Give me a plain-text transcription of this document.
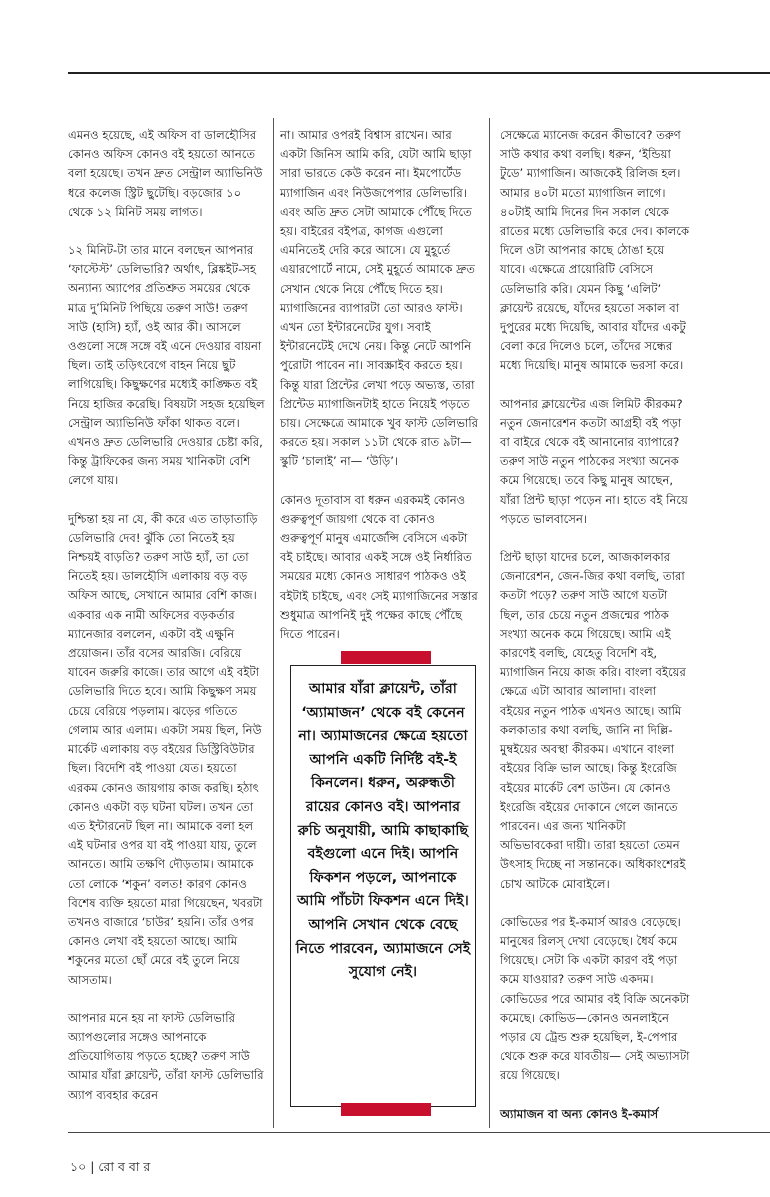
এমনও হয়েছে, এই অফিস বা ডালহৌসির কোনও অফিস কোনও বই হয়তো আনতে বলা হয়েছে। তখন দ্রুত সেন্ট্রাল অ্যাভিনিউ ধরে কলেজ স্ট্রিট ছুটেছি। বড়জোর ১০ থেকে ১২ মিনিট সময় লাগত।

১২ মিনিট-টা তার মানে বলছেন আপনার ‘ফাস্টেস্ট’ ডেলিভারি? অর্থাৎ, ব্লিঙ্কইট-সহ অন্যান্য অ্যাপের প্রতিশ্রুত সময়ের থেকে মাত্র দু’মিনিট পিছিয়ে তরুণ সাউ! তরুণ সাউ (হাসি) হ্যাঁ, ওই আর কী। আসলে ওগুলো সঙ্গে সঙ্গে বই এনে দেওয়ার বায়না ছিল। তাই তড়িৎবেগে বাহন নিয়ে ছুট লাগিয়েছি। কিছুক্ষণের মধ্যেই কাঙ্ক্ষিত বই নিয়ে হাজির করেছি। বিষয়টা সহজ হয়েছিল সেন্ট্রাল অ্যাভিনিউ ফাঁকা থাকত বলে। এখনও দ্রুত ডেলিভারি দেওয়ার চেষ্টা করি, কিন্তু ট্রাফিকের জন্য সময় খানিকটা বেশি লেগে যায়।

দুশ্চিন্তা হয় না যে, কী করে এত তাড়াতাড়ি ডেলিভারি দেব! ঝুঁকি তো নিতেই হয় নিশ্চয়ই বাড়তি? তরুণ সাউ হ্যাঁ, তা তো নিতেই হয়। ডালহৌসি এলাকায় বড় বড় অফিস আছে, সেখানে আমার বেশি কাজ। একবার এক নামী অফিসের বড়কর্তার ম্যানেজার বললেন, একটা বই এক্ষুনি প্রয়োজন। তাঁর বসের আরজি। বেরিয়ে যাবেন জরুরি কাজে। তার আগে এই বইটা ডেলিভারি দিতে হবে। আমি কিছুক্ষণ সময় চেয়ে বেরিয়ে পড়লাম। ঝড়ের গতিতে গেলাম আর এলাম। একটা সময় ছিল, নিউ মার্কেট এলাকায় বড় বইয়ের ডিস্ট্রিবিউটার ছিল। বিদেশি বই পাওয়া যেত। হয়তো এরকম কোনও জায়গায় কাজ করছি। হঠাৎ কোনও একটা বড় ঘটনা ঘটল। তখন তো এত ইন্টারনেট ছিল না। আমাকে বলা হল এই ঘটনার ওপর যা বই পাওয়া যায়, তুলে আনতে। আমি তক্ষণি দৌড়তাম। আমাকে তো লোকে ‘শকুন’ বলত! কারণ কোনও বিশেষ ব্যক্তি হয়তো মারা গিয়েছেন, খবরটা তখনও বাজারে ‘চাউর’ হয়নি। তাঁর ওপর কোনও লেখা বই হয়তো আছে। আমি শকুনের মতো ছোঁ মেরে বই তুলে নিয়ে আসতাম।

আপনার মনে হয় না ফাস্ট ডেলিভারি অ্যাপগুলোর সঙ্গেও আপনাকে প্রতিযোগিতায় পড়তে হচ্ছে? তরুণ সাউ আমার যাঁরা ক্লায়েন্ট, তাঁরা ফাস্ট ডেলিভারি অ্যাপ ব্যবহার করেন

না। আমার ওপরই বিশ্বাস রাখেন। আর একটা জিনিস আমি করি, যেটা আমি ছাড়া সারা ভারতে কেউ করেন না। ইমপোর্টেড ম্যাগাজিন এবং নিউজপেপার ডেলিভারি। এবং অতি দ্রুত সেটা আমাকে পৌঁছে দিতে হয়। বাইরের বইপত্র, কাগজ এগুলো এমনিতেই দেরি করে আসে। যে মুহূর্তে এয়ারপোর্টে নামে, সেই মুহূর্তে আমাকে দ্রুত সেখান থেকে নিয়ে পৌঁছে দিতে হয়। ম্যাগাজিনের ব্যাপারটা তো আরও ফাস্ট। এখন তো ইন্টারনেটের যুগ। সবাই ইন্টারনেটেই দেখে নেয়। কিন্তু নেটে আপনি পুরোটা পাবেন না। সাবস্ক্রাইব করতে হয়। কিন্তু যারা প্রিন্টের লেখা পড়ে অভ্যস্ত, তারা প্রিন্টেড ম্যাগাজিনটাই হাতে নিয়েই পড়তে চায়। সেক্ষেত্রে আমাকে খুব ফাস্ট ডেলিভারি করতে হয়। সকাল ১১টা থেকে রাত ৯টা— স্কুটি ‘চালাই’ না— ‘উড়ি’।

কোনও দূতাবাস বা ধরুন এরকমই কোনও গুরুত্বপূর্ণ জায়গা থেকে বা কোনও গুরুত্বপূর্ণ মানুষ এমার্জেন্সি বেসিসে একটা বই চাইছে। আবার একই সঙ্গে ওই নির্ধারিত সময়ের মধ্যে কোনও সাধারণ পাঠকও ওই বইটাই চাইছে, এবং সেই ম্যাগাজিনের সস্তার শুধুমাত্র আপনিই দুই পক্ষের কাছে পৌঁছে দিতে পারেন।

আমার যাঁরা ক্লায়েন্ট, তাঁরা ‘অ্যামাজন’ থেকে বই কেনেন না। অ্যামাজনের ক্ষেত্রে হয়তো আপনি একটি নির্দিষ্ট বই-ই কিনলেন। ধরুন, অরুন্ধতী রায়ের কোনও বই। আপনার রুচি অনুযায়ী, আমি কাছাকাছি বইগুলো এনে দিই। আপনি ফিকশন পড়লে, আপনাকে আমি পাঁচটা ফিকশন এনে দিই। আপনি সেখান থেকে বেছে নিতে পারবেন, অ্যামাজনে সেই সুযোগ নেই।

সেক্ষেত্রে ম্যানেজ করেন কীভাবে? তরুণ সাউ কথার কথা বলছি। ধরুন, ‘ইন্ডিয়া টুডে’ ম্যাগাজিন। আজকেই রিলিজ হল। আমার ৪০টা মতো ম্যাগাজিন লাগে। ৪০টাই আমি দিনের দিন সকাল থেকে রাতের মধ্যে ডেলিভারি করে দেব। কালকে দিলে ওটা আপনার কাছে ঠোঙা হয়ে যাবে। এক্ষেত্রে প্রায়োরিটি বেসিসে ডেলিভারি করি। যেমন কিছু ‘এলিট’ ক্লায়েন্ট রয়েছে, যাঁদের হয়তো সকাল বা দুপুরের মধ্যে দিয়েছি, আবার যাঁদের একটু বেলা করে দিলেও চলে, তাঁদের সন্ধের মধ্যে দিয়েছি। মানুষ আমাকে ভরসা করে।

আপনার ক্লায়েন্টের এজ লিমিট কীরকম? নতুন জেনারেশন কতটা আগ্রহী বই পড়া বা বাইরে থেকে বই আনানোর ব্যাপারে? তরুণ সাউ নতুন পাঠকের সংখ্যা অনেক কমে গিয়েছে। তবে কিছু মানুষ আছেন, যাঁরা প্রিন্ট ছাড়া পড়েন না। হাতে বই নিয়ে পড়তে ভালবাসেন।

প্রিন্ট ছাড়া যাদের চলে, আজকালকার জেনারেশন, জেন-জির কথা বলছি, তারা কতটা পড়ে? তরুণ সাউ আগে যতটা ছিল, তার চেয়ে নতুন প্রজন্মের পাঠক সংখ্যা অনেক কমে গিয়েছে। আমি এই কারণেই বলছি, যেহেতু বিদেশি বই, ম্যাগাজিন নিয়ে কাজ করি। বাংলা বইয়ের ক্ষেত্রে এটা আবার আলাদা। বাংলা বইয়ের নতুন পাঠক এখনও আছে। আমি কলকাতার কথা বলছি, জানি না দিল্লি-মুম্বইয়ের অবস্থা কীরকম। এখানে বাংলা বইয়ের বিক্রি ভাল আছে। কিন্তু ইংরেজি বইয়ের মার্কেট বেশ ডাউন। যে কোনও ইংরেজি বইয়ের দোকানে গেলে জানতে পারবেন। এর জন্য খানিকটা অভিভাবকেরা দায়ী। তারা হয়তো তেমন উৎসাহ দিচ্ছে না সন্তানকে। অধিকাংশেরই চোখ আটকে মোবাইলে।

কোভিডের পর ই-কমার্স আরও বেড়েছে। মানুষের রিলস্ দেখা বেড়েছে। ধৈর্য কমে গিয়েছে। সেটা কি একটা কারণ বই পড়া কমে যাওয়ার? তরুণ সাউ একদম। কোভিডের পরে আমার বই বিক্রি অনেকটা কমেছে। কোভিড—কোনও অনলাইনে পড়ার যে ট্রেন্ড শুরু হয়েছিল, ই-পেপার থেকে শুরু করে যাবতীয়— সেই অভ্যাসটা রয়ে গিয়েছে।

অ্যামাজন বা অন্য কোনও ই-কমার্স

১০ | রো ব বা র
